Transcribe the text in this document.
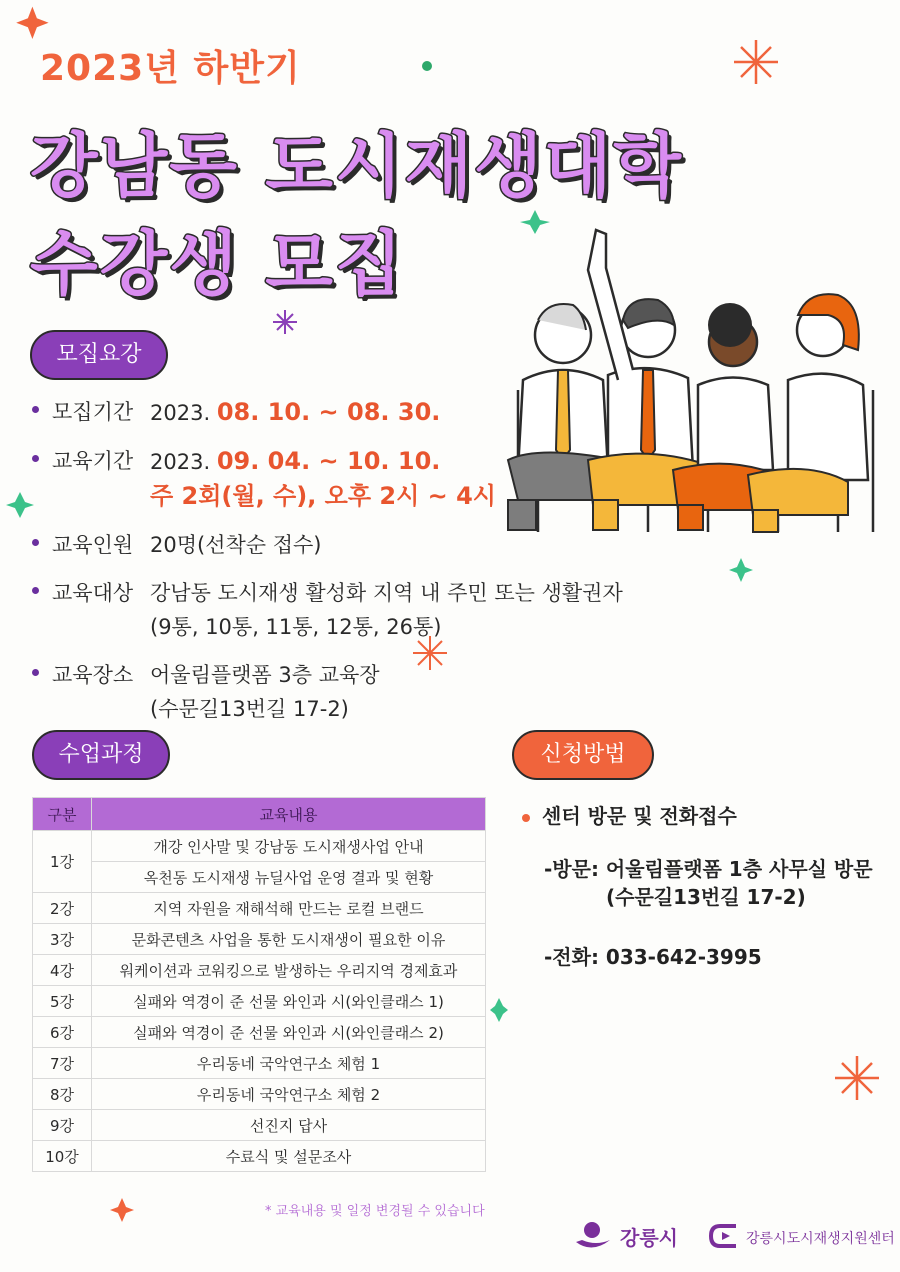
2023년 하반기
강남동 도시재생대학
수강생 모집
모집요강
모집기간 2023. 08. 10. ~ 08. 30.
교육기간 2023. 09. 04. ~ 10. 10.
주 2회(월, 수), 오후 2시 ~ 4시
교육인원 20명(선착순 접수)
교육대상 강남동 도시재생 활성화 지역 내 주민 또는 생활권자
(9통, 10통, 11통, 12통, 26통)
교육장소 어울림플랫폼 3층 교육장
(수문길13번길 17-2)
수업과정
구분	교육내용
1강	개강 인사말 및 강남동 도시재생사업 안내
	옥천동 도시재생 뉴딜사업 운영 결과 및 현황
2강	지역 자원을 재해석해 만드는 로컬 브랜드
3강	문화콘텐츠 사업을 통한 도시재생이 필요한 이유
4강	워케이션과 코워킹으로 발생하는 우리지역 경제효과
5강	실패와 역경이 준 선물 와인과 시(와인클래스 1)
6강	실패와 역경이 준 선물 와인과 시(와인클래스 2)
7강	우리동네 국악연구소 체험 1
8강	우리동네 국악연구소 체험 2
9강	선진지 답사
10강	수료식 및 설문조사
* 교육내용 및 일정 변경될 수 있습니다
신청방법
센터 방문 및 전화접수
-방문: 어울림플랫폼 1층 사무실 방문
(수문길13번길 17-2)
-전화: 033-642-3995
강릉시	강릉시도시재생지원센터
